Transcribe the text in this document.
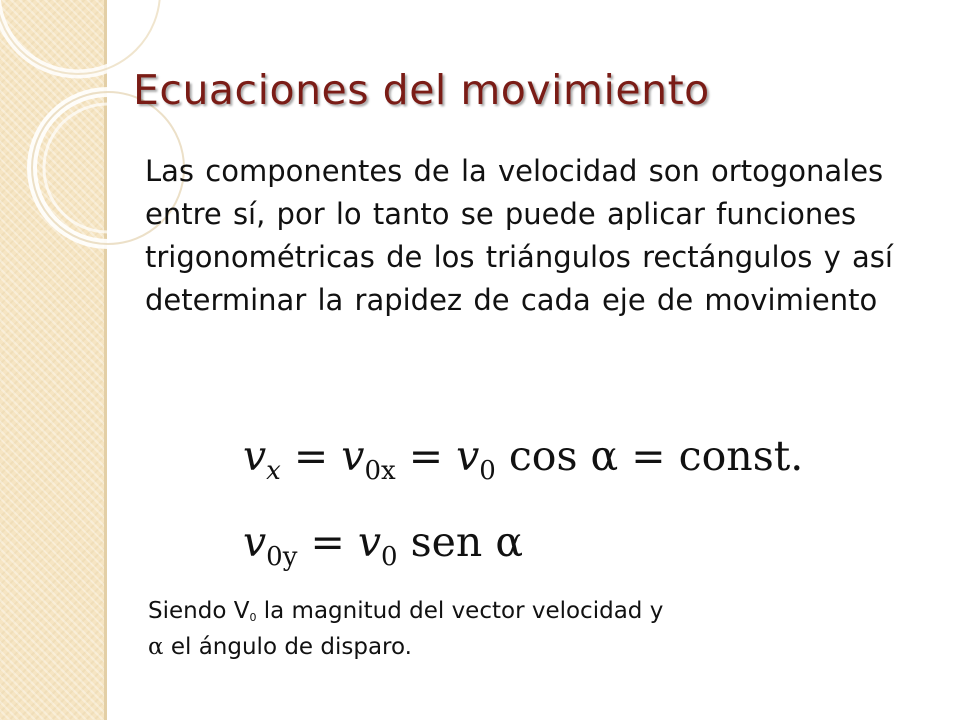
Ecuaciones del movimiento

Las componentes de la velocidad son ortogonales entre sí, por lo tanto se puede aplicar funciones trigonométricas de los triángulos rectángulos y así determinar la rapidez de cada eje de movimiento

$v_x = v_{0x} = v_0$ cos α = const.
$v_{0y} = v_0$ sen α

Siendo $V_0$ la magnitud del vector velocidad y
α el ángulo de disparo.
